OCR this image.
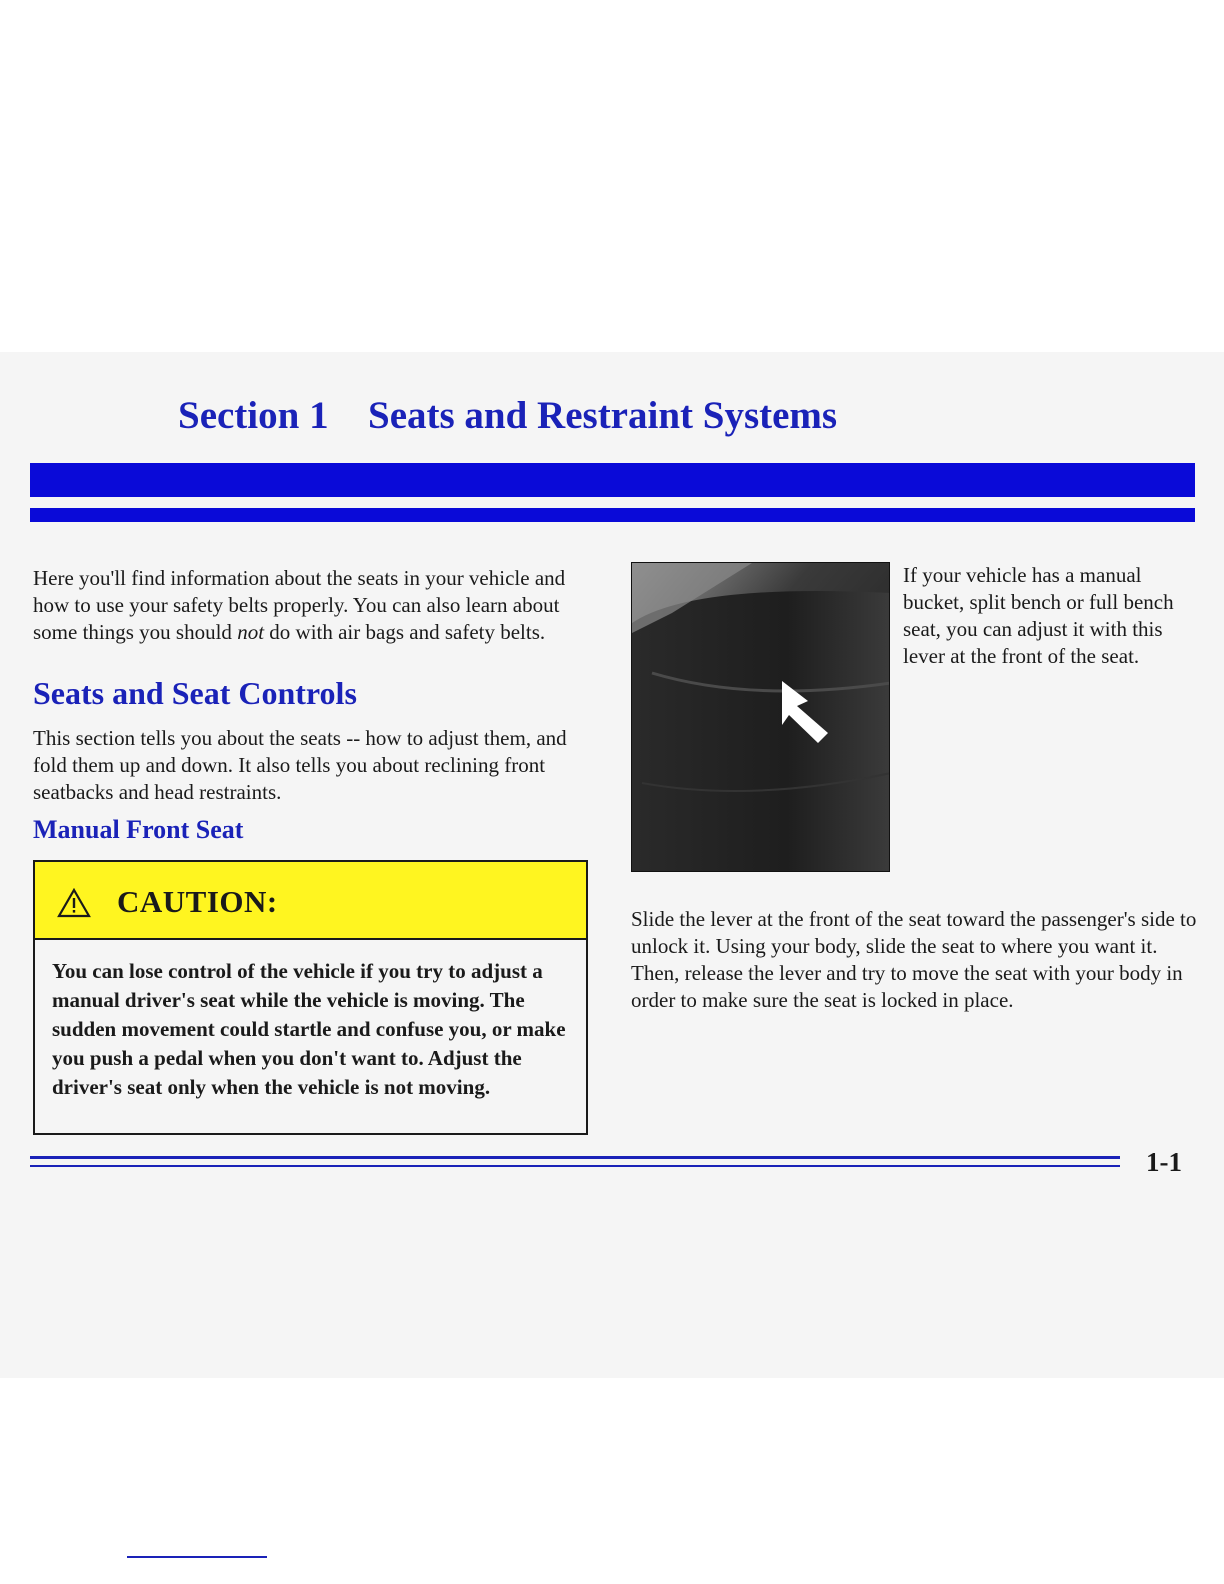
Section 1 Seats and Restraint Systems

Here you'll find information about the seats in your vehicle and how to use your safety belts properly. You can also learn about some things you should not do with air bags and safety belts.

Seats and Seat Controls

This section tells you about the seats -- how to adjust them, and fold them up and down. It also tells you about reclining front seatbacks and head restraints.

Manual Front Seat
CAUTION:

You can lose control of the vehicle if you try to adjust a manual driver's seat while the vehicle is moving. The sudden movement could startle and confuse you, or make you push a pedal when you don't want to. Adjust the driver's seat only when the vehicle is not moving.

If your vehicle has a manual bucket, split bench or full bench seat, you can adjust it with this lever at the front of the seat.

Slide the lever at the front of the seat toward the passenger's side to unlock it. Using your body, slide the seat to where you want it. Then, release the lever and try to move the seat with your body in order to make sure the seat is locked in place.

1-1
